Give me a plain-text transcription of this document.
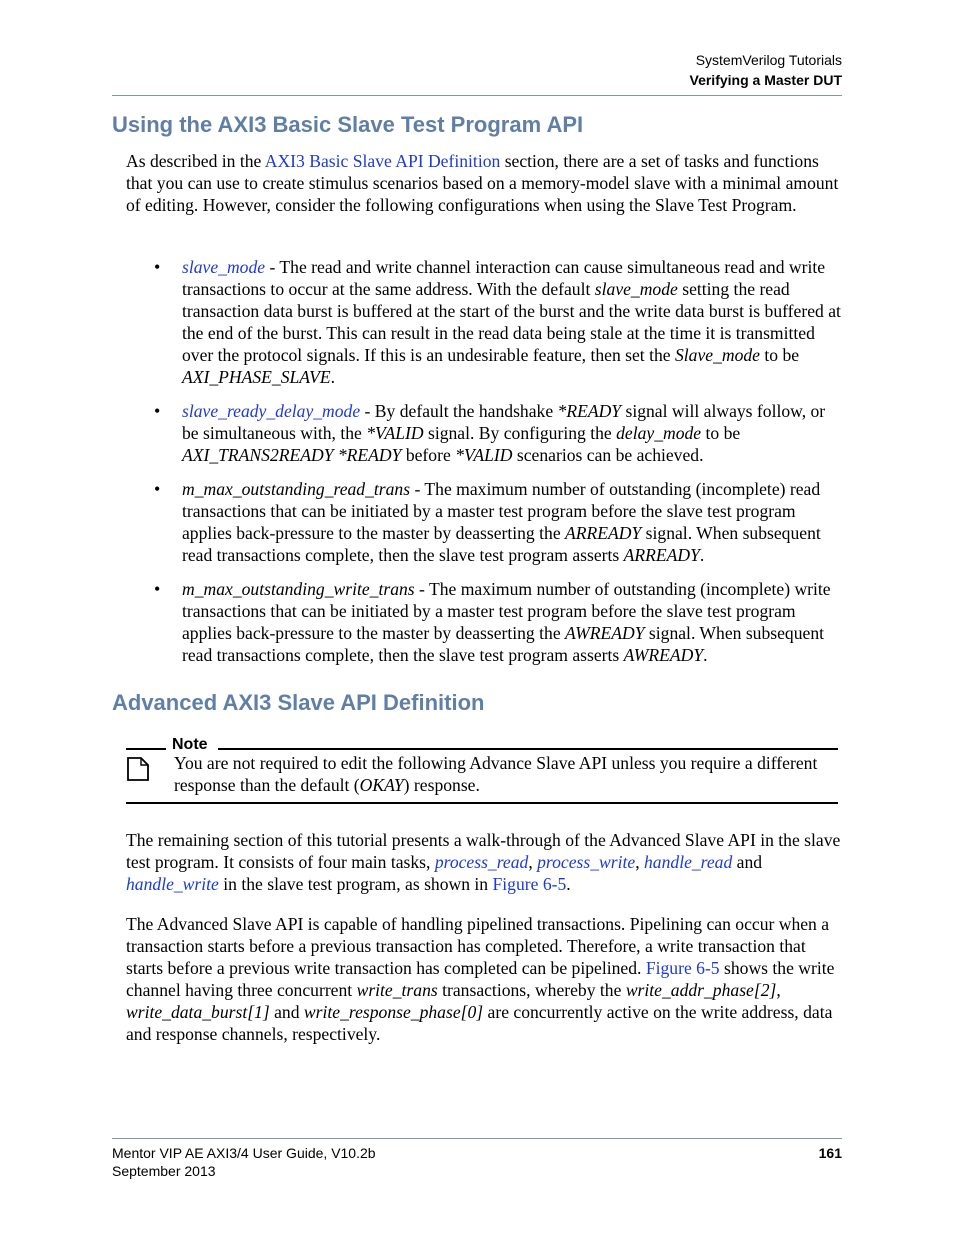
SystemVerilog Tutorials
Verifying a Master DUT
Using the AXI3 Basic Slave Test Program API

As described in the AXI3 Basic Slave API Definition section, there are a set of tasks and functions that you can use to create stimulus scenarios based on a memory-model slave with a minimal amount of editing. However, consider the following configurations when using the Slave Test Program.

• slave_mode - The read and write channel interaction can cause simultaneous read and write transactions to occur at the same address. With the default slave_mode setting the read transaction data burst is buffered at the start of the burst and the write data burst is buffered at the end of the burst. This can result in the read data being stale at the time it is transmitted over the protocol signals. If this is an undesirable feature, then set the Slave_mode to be AXI_PHASE_SLAVE.
• slave_ready_delay_mode - By default the handshake *READY signal will always follow, or be simultaneous with, the *VALID signal. By configuring the delay_mode to be AXI_TRANS2READY *READY before *VALID scenarios can be achieved.
• m_max_outstanding_read_trans - The maximum number of outstanding (incomplete) read transactions that can be initiated by a master test program before the slave test program applies back-pressure to the master by deasserting the ARREADY signal. When subsequent read transactions complete, then the slave test program asserts ARREADY.
• m_max_outstanding_write_trans - The maximum number of outstanding (incomplete) write transactions that can be initiated by a master test program before the slave test program applies back-pressure to the master by deasserting the AWREADY signal. When subsequent read transactions complete, then the slave test program asserts AWREADY.
Advanced AXI3 Slave API Definition
Note
You are not required to edit the following Advance Slave API unless you require a different response than the default (OKAY) response.

The remaining section of this tutorial presents a walk-through of the Advanced Slave API in the slave test program. It consists of four main tasks, process_read, process_write, handle_read and handle_write in the slave test program, as shown in Figure 6-5.

The Advanced Slave API is capable of handling pipelined transactions. Pipelining can occur when a transaction starts before a previous transaction has completed. Therefore, a write transaction that starts before a previous write transaction has completed can be pipelined. Figure 6-5 shows the write channel having three concurrent write_trans transactions, whereby the write_addr_phase[2], write_data_burst[1] and write_response_phase[0] are concurrently active on the write address, data and response channels, respectively.

Mentor VIP AE AXI3/4 User Guide, V10.2b
September 2013
161
